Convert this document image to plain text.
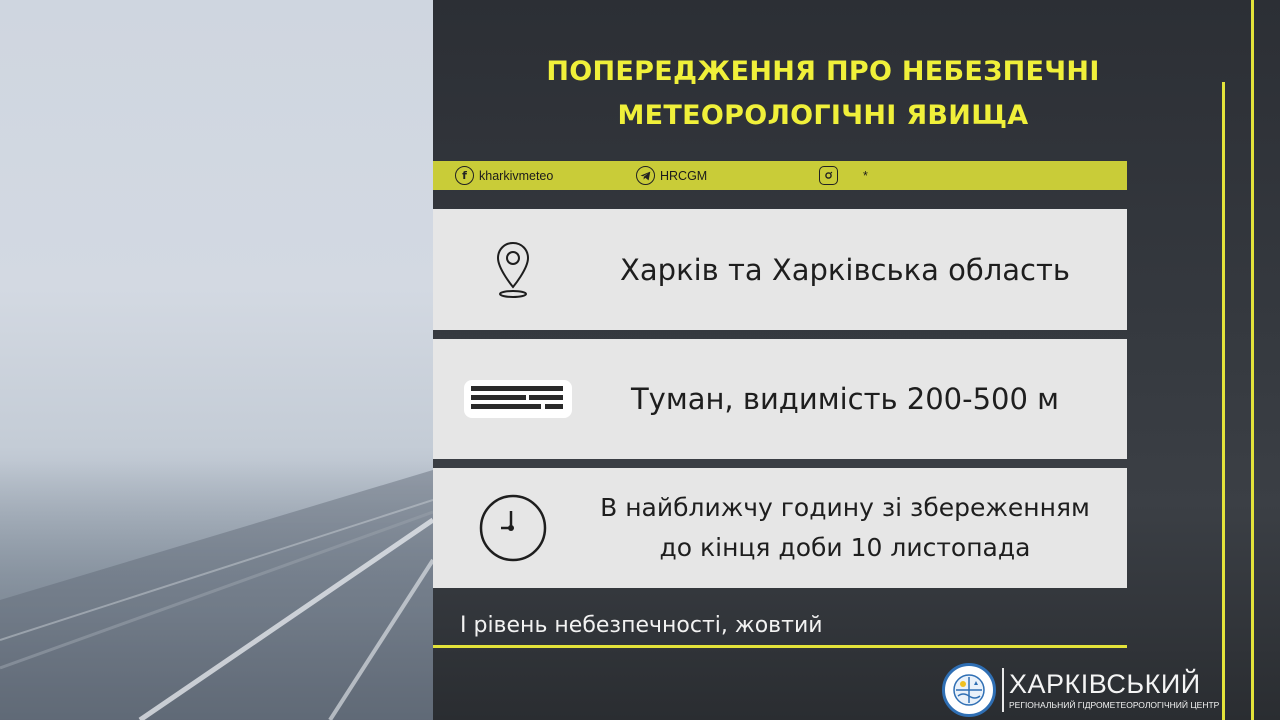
ПОПЕРЕДЖЕННЯ ПРО НЕБЕЗПЕЧНІ
МЕТЕОРОЛОГІЧНІ ЯВИЩА
f kharkivmeteo	HRCGM	*
Харків та Харківська область
Туман, видимість 200-500 м
В найближчу годину зі збереженням
до кінця доби 10 листопада
I рівень небезпечності, жовтий
ХАРКІВСЬКИЙ
РЕГІОНАЛЬНИЙ ГІДРОМЕТЕОРОЛОГІЧНИЙ ЦЕНТР
